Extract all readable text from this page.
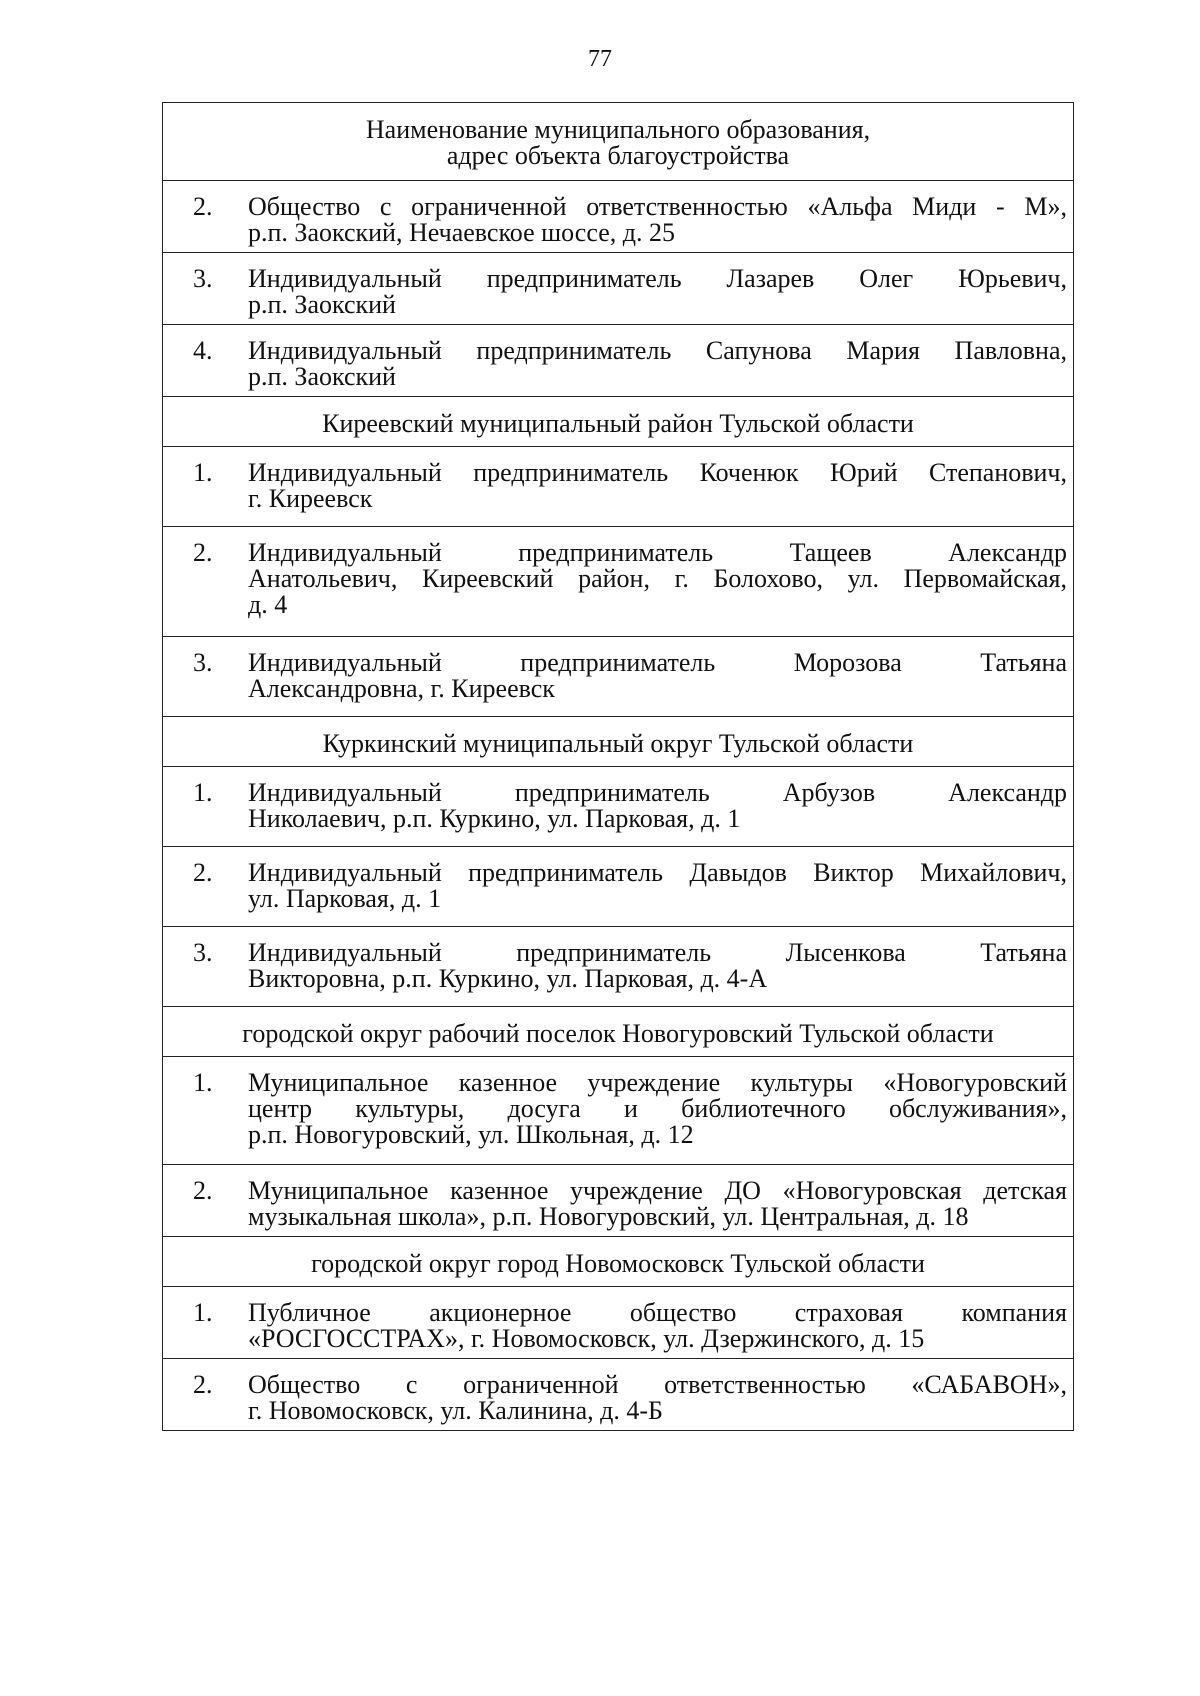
77
Наименование муниципального образования,
адрес объекта благоустройства
2.	Общество с ограниченной ответственностью «Альфа Миди - М»,
р.п. Заокский, Нечаевское шоссе, д. 25
3.	Индивидуальный предприниматель Лазарев Олег Юрьевич,
р.п. Заокский
4.	Индивидуальный предприниматель Сапунова Мария Павловна,
р.п. Заокский
Киреевский муниципальный район Тульской области
1.	Индивидуальный предприниматель Коченюк Юрий Степанович,
г. Киреевск
2.	Индивидуальный предприниматель Тащеев Александр
Анатольевич, Киреевский район, г. Болохово, ул. Первомайская,
д. 4
3.	Индивидуальный предприниматель Морозова Татьяна
Александровна, г. Киреевск
Куркинский муниципальный округ Тульской области
1.	Индивидуальный предприниматель Арбузов Александр
Николаевич, р.п. Куркино, ул. Парковая, д. 1
2.	Индивидуальный предприниматель Давыдов Виктор Михайлович,
ул. Парковая, д. 1
3.	Индивидуальный предприниматель Лысенкова Татьяна
Викторовна, р.п. Куркино, ул. Парковая, д. 4-А
городской округ рабочий поселок Новогуровский Тульской области
1.	Муниципальное казенное учреждение культуры «Новогуровский
центр культуры, досуга и библиотечного обслуживания»,
р.п. Новогуровский, ул. Школьная, д. 12
2.	Муниципальное казенное учреждение ДО «Новогуровская детская
музыкальная школа», р.п. Новогуровский, ул. Центральная, д. 18
городской округ город Новомосковск Тульской области
1.	Публичное акционерное общество страховая компания
«РОСГОССТРАХ», г. Новомосковск, ул. Дзержинского, д. 15
2.	Общество с ограниченной ответственностью «САБАВОН»,
г. Новомосковск, ул. Калинина, д. 4-Б
